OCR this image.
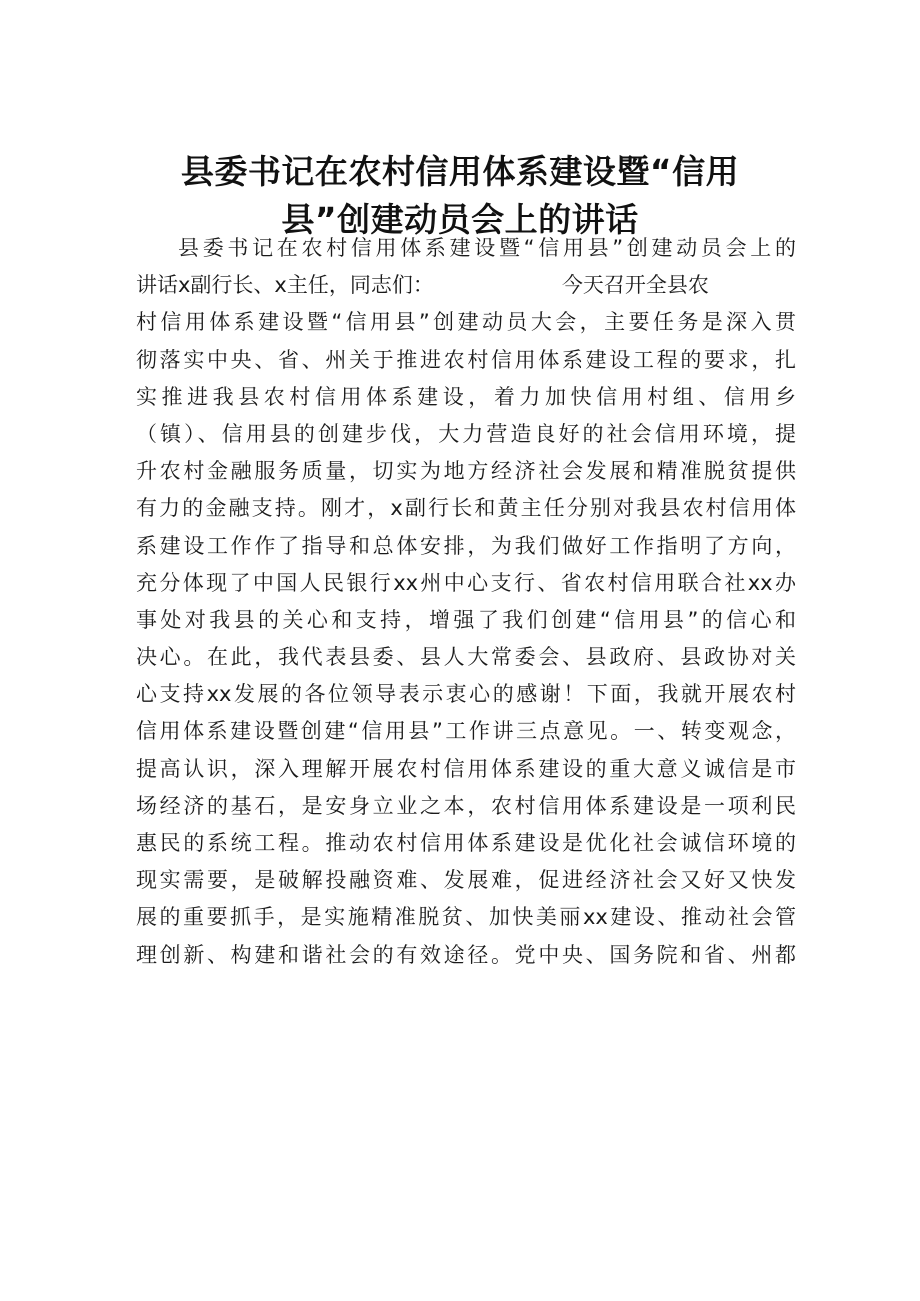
县委书记在农村信用体系建设暨“信用
县”创建动员会上的讲话
县委书记在农村信用体系建设暨“信用县”创建动员会上的
讲话x副行长、x主任，同志们：	今天召开全县农
村信用体系建设暨“信用县”创建动员大会，主要任务是深入贯
彻落实中央、省、州关于推进农村信用体系建设工程的要求，扎
实推进我县农村信用体系建设，着力加快信用村组、信用乡
（镇）、信用县的创建步伐，大力营造良好的社会信用环境，提
升农村金融服务质量，切实为地方经济社会发展和精准脱贫提供
有力的金融支持。刚才，x副行长和黄主任分别对我县农村信用体
系建设工作作了指导和总体安排，为我们做好工作指明了方向，
充分体现了中国人民银行xx州中心支行、省农村信用联合社xx办
事处对我县的关心和支持，增强了我们创建“信用县”的信心和
决心。在此，我代表县委、县人大常委会、县政府、县政协对关
心支持xx发展的各位领导表示衷心的感谢！下面，我就开展农村
信用体系建设暨创建“信用县”工作讲三点意见。一、转变观念，
提高认识，深入理解开展农村信用体系建设的重大意义诚信是市
场经济的基石，是安身立业之本，农村信用体系建设是一项利民
惠民的系统工程。推动农村信用体系建设是优化社会诚信环境的
现实需要，是破解投融资难、发展难，促进经济社会又好又快发
展的重要抓手，是实施精准脱贫、加快美丽xx建设、推动社会管
理创新、构建和谐社会的有效途径。党中央、国务院和省、州都
